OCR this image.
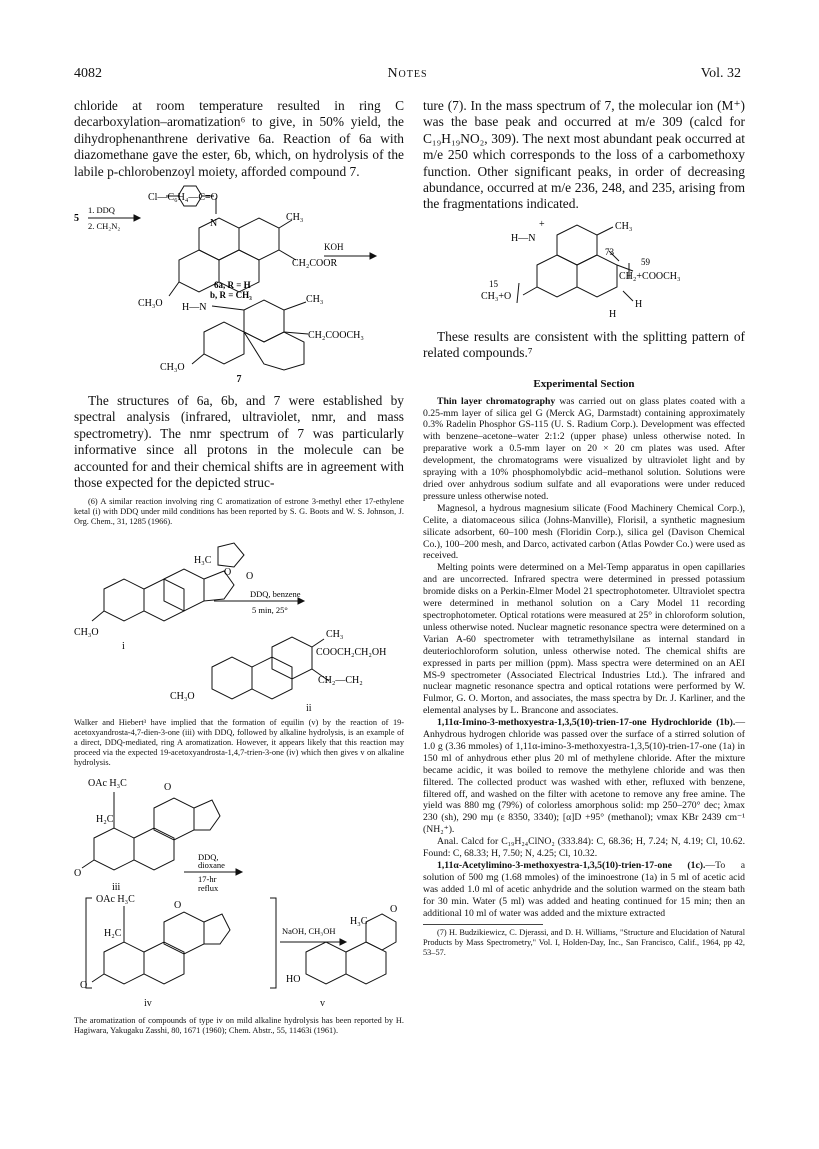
4082	Notes	Vol. 32

chloride at room temperature resulted in ring C decarboxylation–aromatization⁶ to give, in 50% yield, the dihydrophenanthrene derivative 6a. Reaction of 6a with diazomethane gave the ester, 6b, which, on hydrolysis of the labile p-chlorobenzoyl moiety, afforded compound 7.

1. DDQ
2. CH₂N₂
5
Cl—C₆H₄—C=O
N
CH₃
CH₂COOR
KOH
CH₃O
6a, R = H
b, R = CH₃
H—N
CH₃
CH₂COOCH₃
CH₃O
7

The structures of 6a, 6b, and 7 were established by spectral analysis (infrared, ultraviolet, nmr, and mass spectrometry). The nmr spectrum of 7 was particularly informative since all protons in the molecule can be accounted for and their chemical shifts are in agreement with those expected for the depicted struc-

(6) A similar reaction involving ring C aromatization of estrone 3-methyl ether 17-ethylene ketal (i) with DDQ under mild conditions has been reported by S. G. Boots and W. S. Johnson, J. Org. Chem., 31, 1285 (1966).

H₃C
O O
DDQ, benzene
5 min, 25°
CH₃O
i
CH₃
COOCH₂CH₂OH
CH₂—CH₂
CH₃O
ii

Walker and Hiebert³ have implied that the formation of equilin (v) by the reaction of 19-acetoxyandrosta-4,7-dien-3-one (iii) with DDQ, followed by alkaline hydrolysis, is an example of a direct, DDQ-mediated, ring A aromatization. However, it appears likely that this reaction may proceed via the expected 19-acetoxyandrosta-1,4,7-trien-3-one (iv) which then gives v on alkaline hydrolysis.

OAc H₃C	O
H₂C
O
DDQ,
dioxane
17-hr
reflux
iii
OAc H₃C
O
H₂C
O
NaOH, CH₃OH
H₃C
O
HO
iv	v

The aromatization of compounds of type iv on mild alkaline hydrolysis has been reported by H. Hagiwara, Yakugaku Zasshi, 80, 1671 (1960); Chem. Abstr., 55, 11463i (1961).

ture (7). In the mass spectrum of 7, the molecular ion (M⁺) was the base peak and occurred at m/e 309 (calcd for C₁₉H₁₉NO₂, 309). The next most abundant peak occurred at m/e 250 which corresponds to the loss of a carbomethoxy function. Other significant peaks, in order of decreasing abundance, occurred at m/e 236, 248, and 235, arising from the fragmentations indicated.

H—N
+	CH₃
73
59
CH₂+COOCH₃
15
CH₃+O
H
H

These results are consistent with the splitting pattern of related compounds.⁷

Experimental Section

Thin layer chromatography was carried out on glass plates coated with a 0.25-mm layer of silica gel G (Merck AG, Darmstadt) containing approximately 0.3% Radelin Phosphor GS-115 (U. S. Radium Corp.). Development was effected with benzene–acetone–water 2:1:2 (upper phase) unless otherwise noted. In preparative work a 0.5-mm layer on 20 × 20 cm plates was used. After development, the chromatograms were visualized by ultraviolet light and by spraying with a 10% phosphomolybdic acid–methanol solution. Solutions were dried over anhydrous sodium sulfate and all evaporations were under reduced pressure unless otherwise noted.

Magnesol, a hydrous magnesium silicate (Food Machinery Chemical Corp.), Celite, a diatomaceous silica (Johns-Manville), Florisil, a synthetic magnesium silicate adsorbent, 60–100 mesh (Floridin Corp.), silica gel (Davison Chemical Co.), 100–200 mesh, and Darco, activated carbon (Atlas Powder Co.) were used as received.

Melting points were determined on a Mel-Temp apparatus in open capillaries and are uncorrected. Infrared spectra were determined in pressed potassium bromide disks on a Perkin-Elmer Model 21 spectrophotometer. Ultraviolet spectra were determined in methanol solution on a Cary Model 11 recording spectrophotometer. Optical rotations were measured at 25° in chloroform solution, unless otherwise noted. Nuclear magnetic resonance spectra were determined on a Varian A-60 spectrometer with tetramethylsilane as internal standard in deuteriochloroform solution, unless otherwise noted. The chemical shifts are expressed in parts per million (ppm). Mass spectra were determined on an AEI MS-9 spectrometer (Associated Electrical Industries Ltd.). The infrared and nuclear magnetic resonance spectra and optical rotations were performed by W. Fulmor, G. O. Morton, and associates, the mass spectra by Dr. J. Karliner, and the elemental analyses by L. Brancone and associates.

1,11α-Imino-3-methoxyestra-1,3,5(10)-trien-17-one Hydrochloride (1b).—Anhydrous hydrogen chloride was passed over the surface of a stirred solution of 1.0 g (3.36 mmoles) of 1,11α-imino-3-methoxyestra-1,3,5(10)-trien-17-one (1a) in 150 ml of anhydrous ether plus 20 ml of methylene chloride. After the mixture became acidic, it was boiled to remove the methylene chloride and was then filtered. The collected product was washed with ether, refluxed with benzene, filtered off, and washed on the filter with acetone to remove any free amine. The yield was 880 mg (79%) of colorless amorphous solid: mp 250–270° dec; λmax 230 (sh), 290 mμ (ε 8350, 3340); [α]D +95° (methanol); νmax KBr 2439 cm⁻¹ (NH₂⁺).

Anal. Calcd for C₁₉H₂₄ClNO₂ (333.84): C, 68.36; H, 7.24; N, 4.19; Cl, 10.62. Found: C, 68.33; H, 7.50; N, 4.25; Cl, 10.32.

1,11α-Acetylimino-3-methoxyestra-1,3,5(10)-trien-17-one (1c).—To a solution of 500 mg (1.68 mmoles) of the iminoestrone (1a) in 5 ml of acetic acid was added 1.0 ml of acetic anhydride and the solution warmed on the steam bath for 30 min. Water (5 ml) was added and heating continued for 15 min; then an additional 10 ml of water was added and the mixture extracted

(7) H. Budzikiewicz, C. Djerassi, and D. H. Williams, "Structure and Elucidation of Natural Products by Mass Spectrometry," Vol. I, Holden-Day, Inc., San Francisco, Calif., 1964, pp 42, 53–57.
